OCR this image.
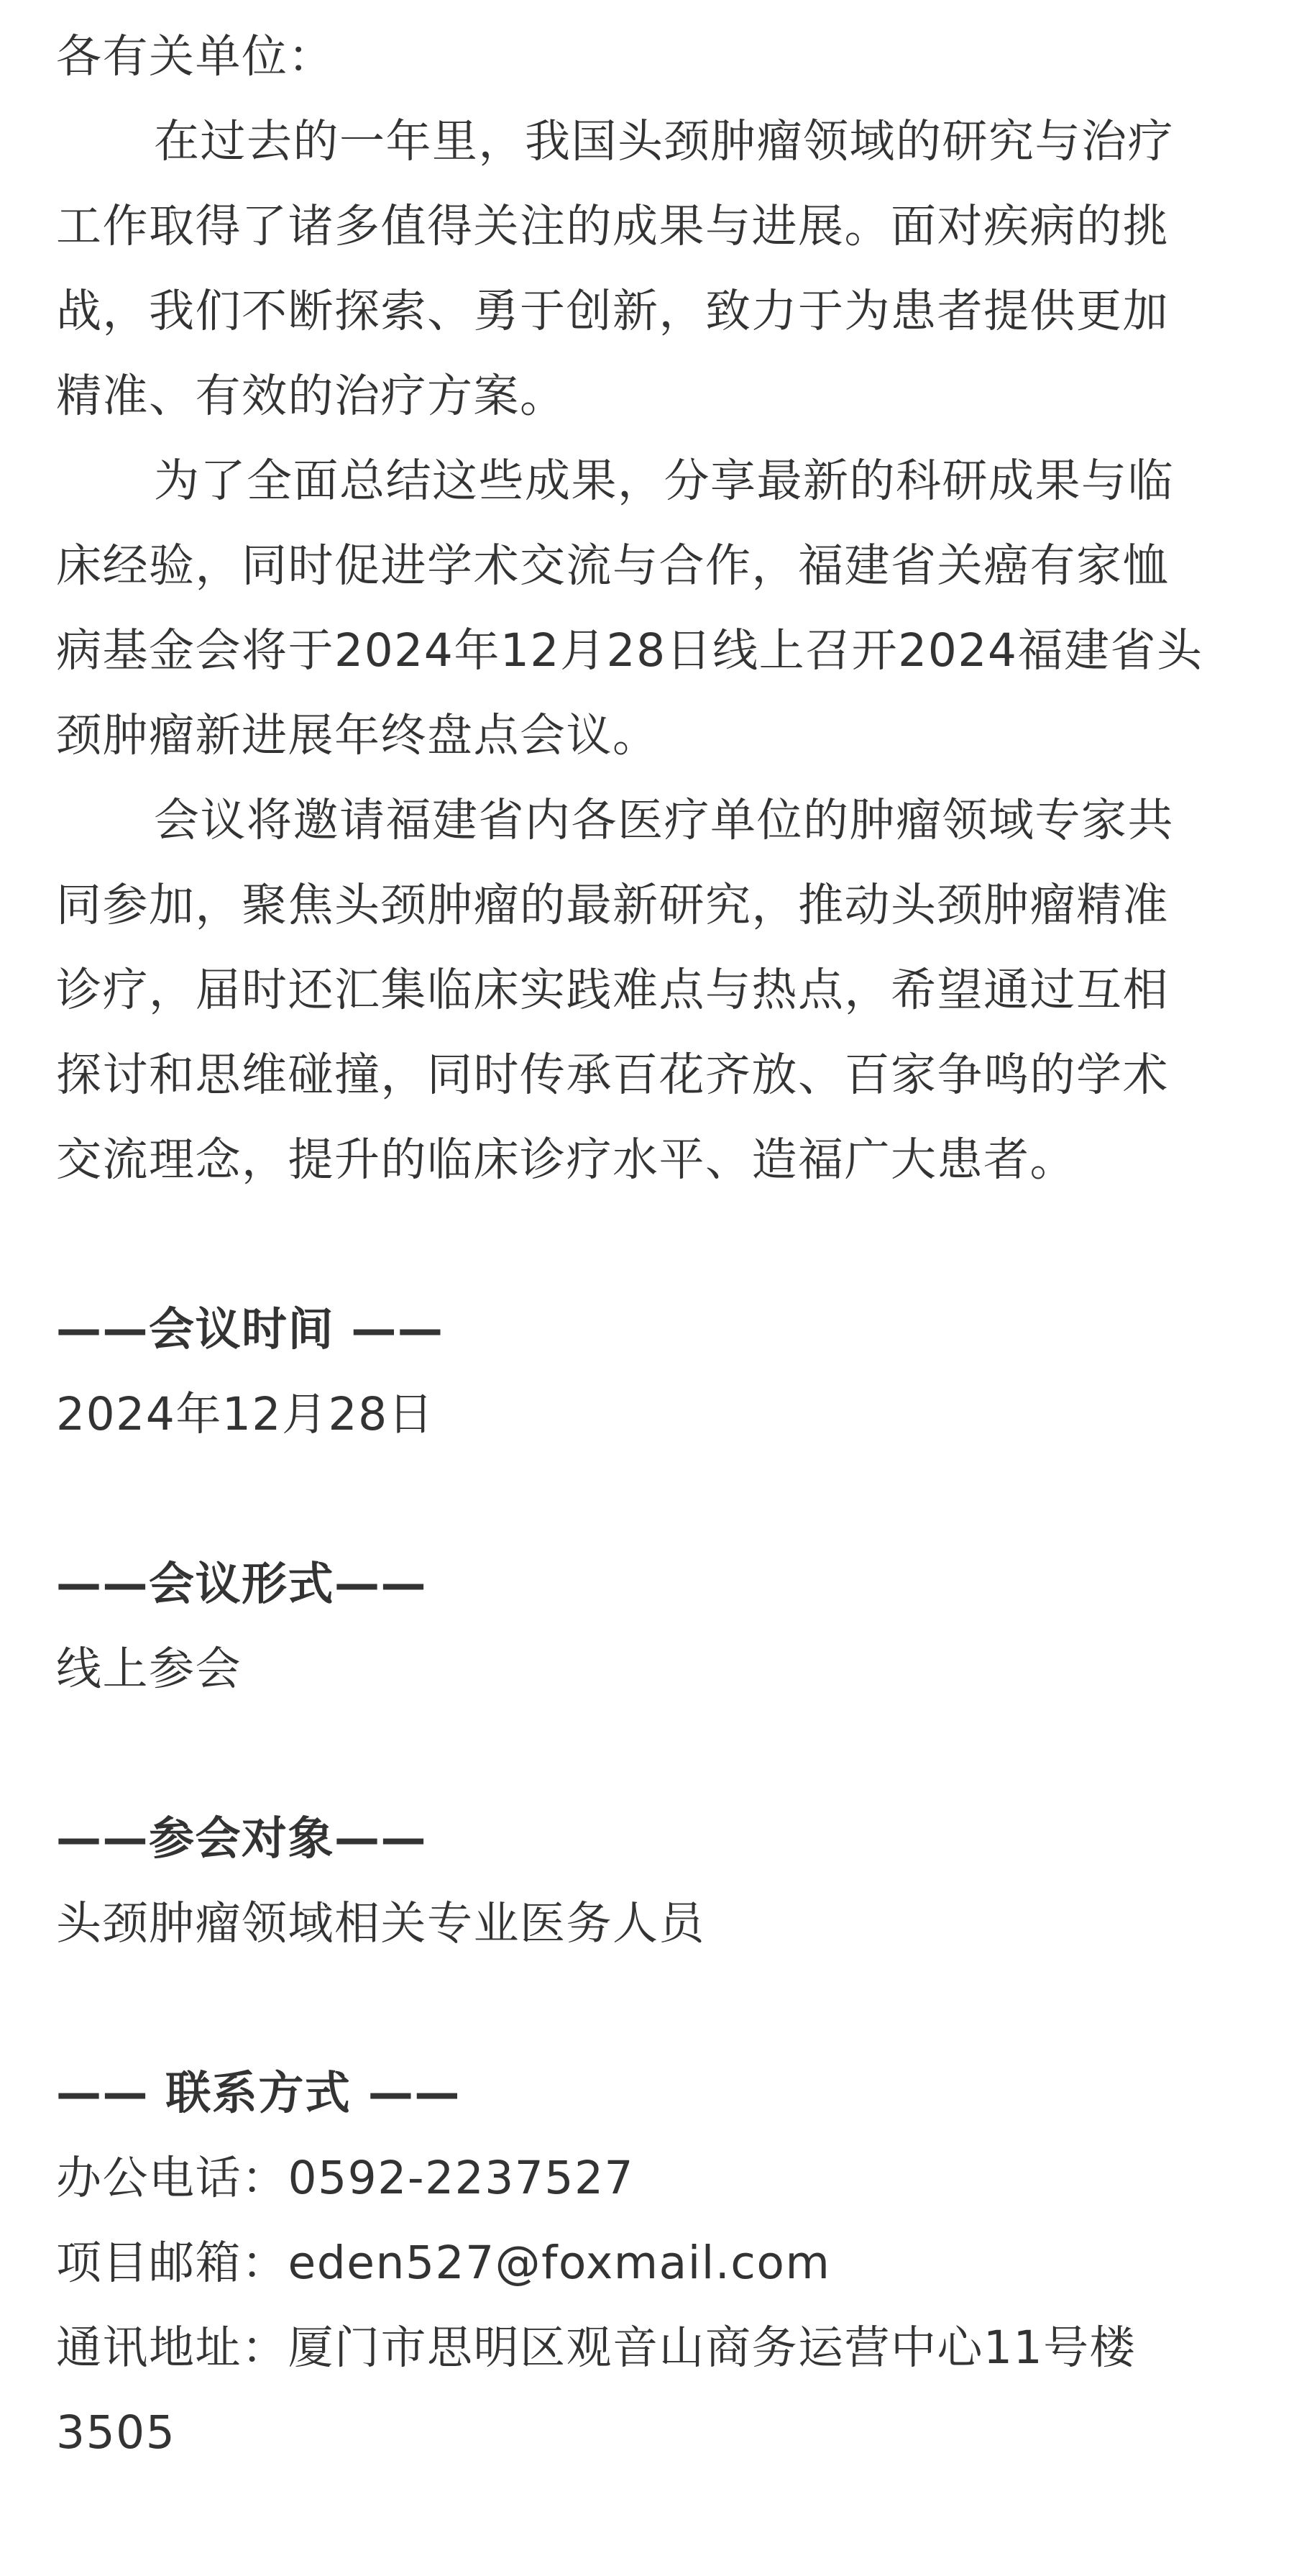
各有关单位：

在过去的一年里，我国头颈肿瘤领域的研究与治疗

工作取得了诸多值得关注的成果与进展。面对疾病的挑

战，我们不断探索、勇于创新，致力于为患者提供更加

精准、有效的治疗方案。

为了全面总结这些成果，分享最新的科研成果与临

床经验，同时促进学术交流与合作，福建省关癌有家恤

病基金会将于2024年12月28日线上召开2024福建省头

颈肿瘤新进展年终盘点会议。

会议将邀请福建省内各医疗单位的肿瘤领域专家共

同参加，聚焦头颈肿瘤的最新研究，推动头颈肿瘤精准

诊疗，届时还汇集临床实践难点与热点，希望通过互相

探讨和思维碰撞，同时传承百花齐放、百家争鸣的学术

交流理念，提升的临床诊疗水平、造福广大患者。

——会议时间 ——

2024年12月28日

——会议形式——

线上参会

——参会对象——

头颈肿瘤领域相关专业医务人员

—— 联系方式 ——

办公电话：0592-2237527

项目邮箱：eden527@foxmail.com

通讯地址：厦门市思明区观音山商务运营中心11号楼

3505
